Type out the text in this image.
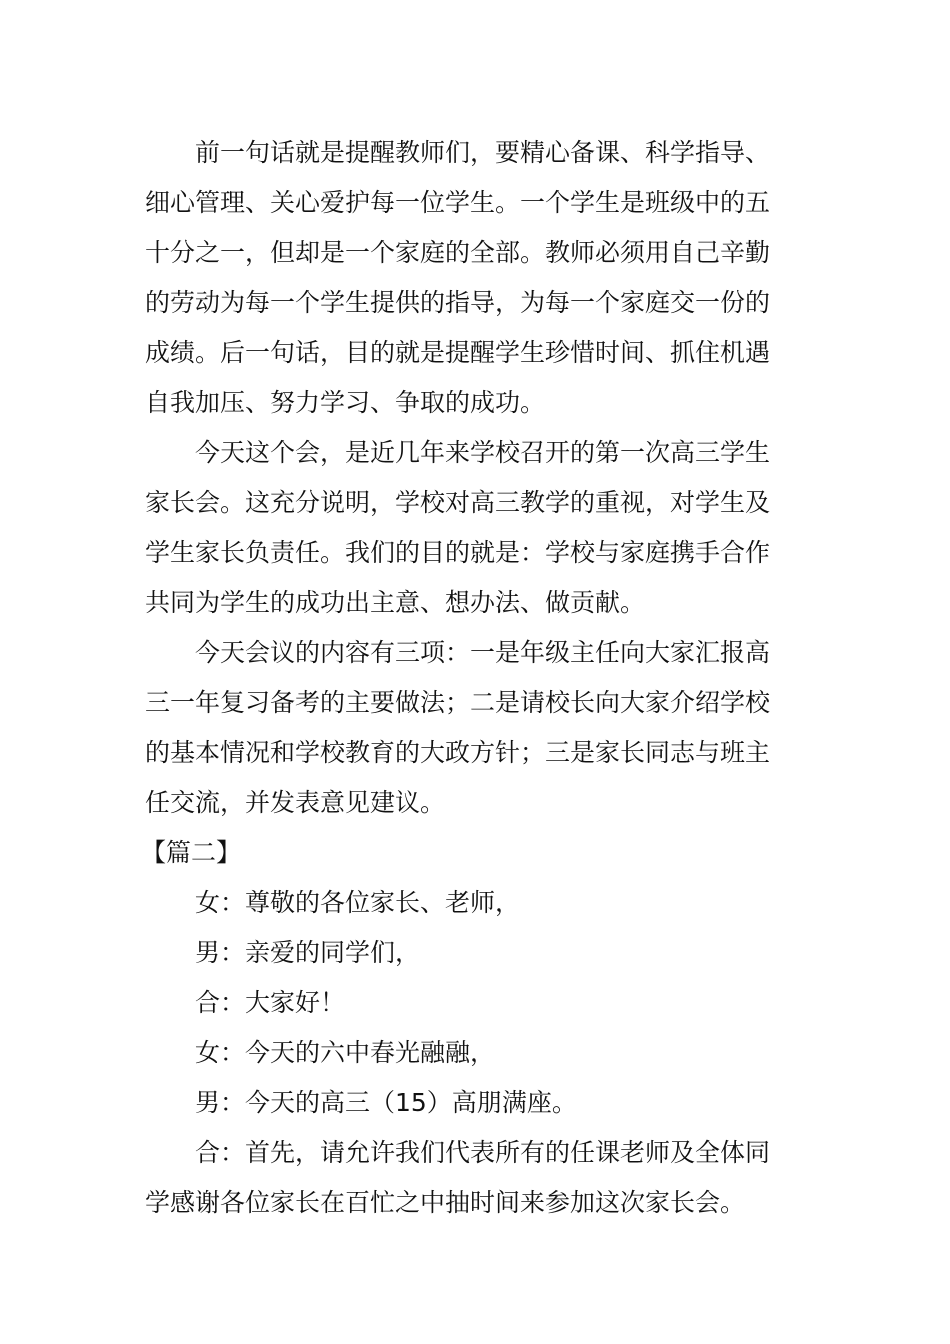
前一句话就是提醒教师们，要精心备课、科学指导、
细心管理、关心爱护每一位学生。一个学生是班级中的五
十分之一，但却是一个家庭的全部。教师必须用自己辛勤
的劳动为每一个学生提供的指导，为每一个家庭交一份的
成绩。后一句话，目的就是提醒学生珍惜时间、抓住机遇
自我加压、努力学习、争取的成功。
今天这个会，是近几年来学校召开的第一次高三学生
家长会。这充分说明，学校对高三教学的重视，对学生及
学生家长负责任。我们的目的就是：学校与家庭携手合作
共同为学生的成功出主意、想办法、做贡献。
今天会议的内容有三项：一是年级主任向大家汇报高
三一年复习备考的主要做法；二是请校长向大家介绍学校
的基本情况和学校教育的大政方针；三是家长同志与班主
任交流，并发表意见建议。
【篇二】
女：尊敬的各位家长、老师，
男：亲爱的同学们，
合：大家好！
女：今天的六中春光融融，
男：今天的高三（15）高朋满座。
合：首先，请允许我们代表所有的任课老师及全体同
学感谢各位家长在百忙之中抽时间来参加这次家长会。
